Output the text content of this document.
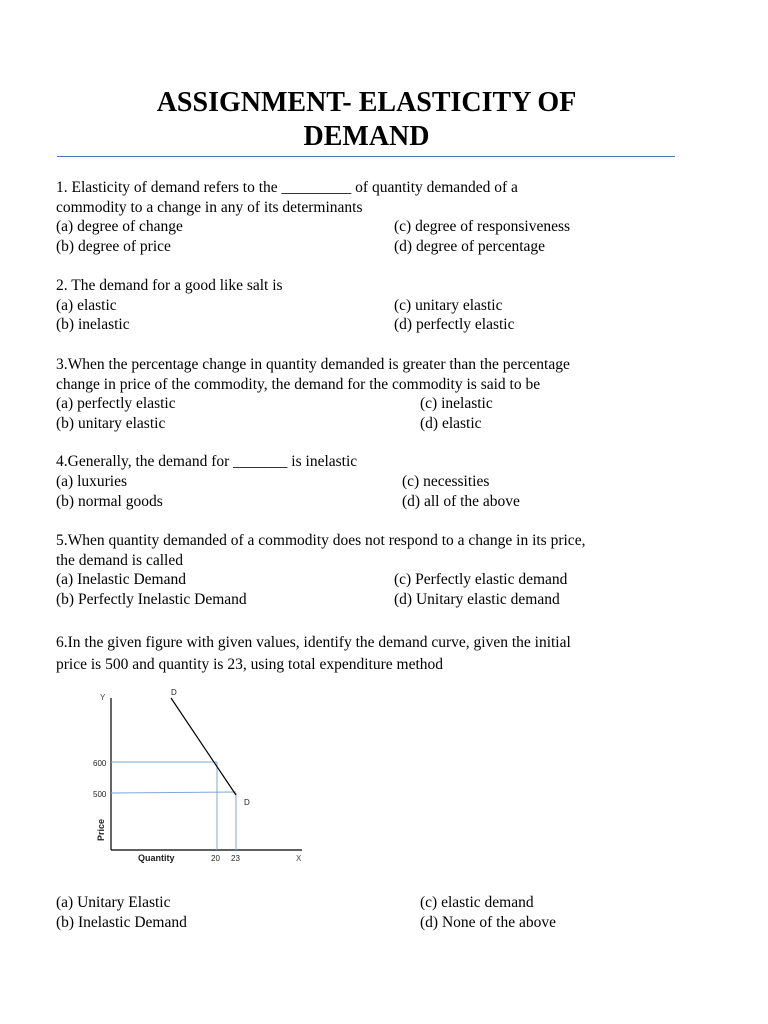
ASSIGNMENT- ELASTICITY OF
DEMAND

1. Elasticity of demand refers to the _________ of quantity demanded of a

commodity to a change in any of its determinants

(a) degree of change
(b) degree of price
(c) degree of responsiveness
(d) degree of percentage

2. The demand for a good like salt is

(a) elastic
(b) inelastic
(c) unitary elastic
(d) perfectly elastic

3.When the percentage change in quantity demanded is greater than the percentage

change in price of the commodity, the demand for the commodity is said to be

(a) perfectly elastic
(b) unitary elastic
(c) inelastic
(d) elastic

4.Generally, the demand for _______ is inelastic

(a) luxuries
(b) normal goods
(c) necessities
(d) all of the above

5.When quantity demanded of a commodity does not respond to a change in its price,

the demand is called

(a) Inelastic Demand
(b) Perfectly Inelastic Demand
(c) Perfectly elastic demand
(d) Unitary elastic demand

6.In the given figure with given values, identify the demand curve, given the initial

price is 500 and quantity is 23, using total expenditure method

Y
X
Quantity
Price
600
500
20 23
D
D
(a) Unitary Elastic
(b) Inelastic Demand
(c) elastic demand
(d) None of the above
